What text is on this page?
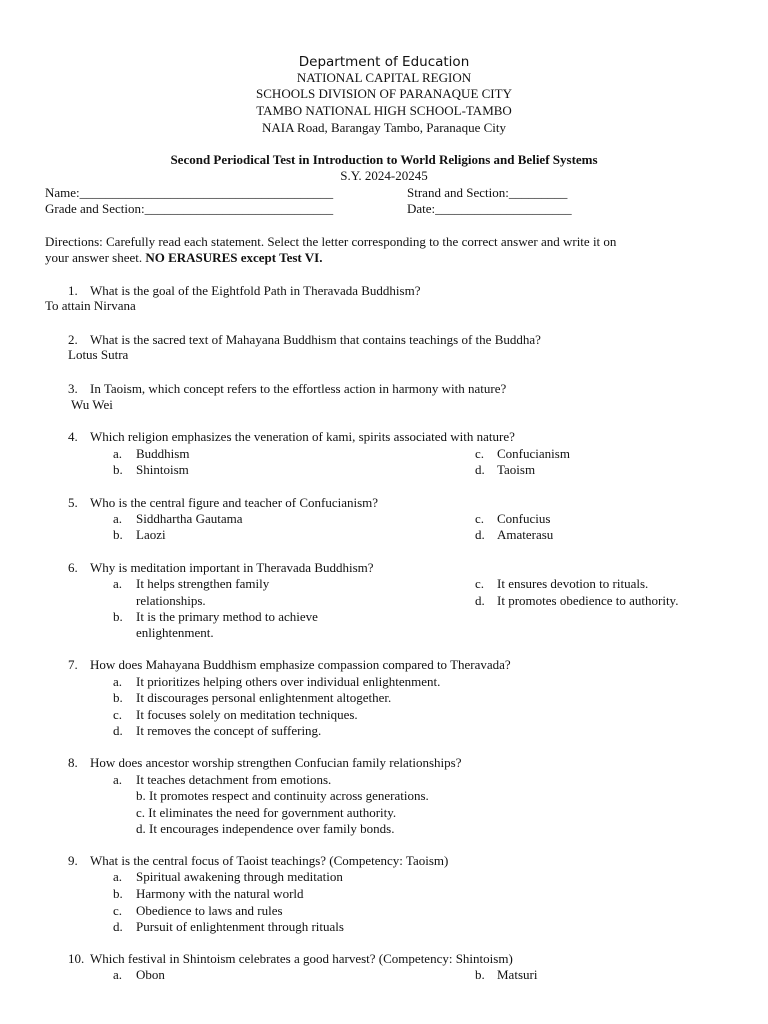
Department of Education
NATIONAL CAPITAL REGION
SCHOOLS DIVISION OF PARANAQUE CITY
TAMBO NATIONAL HIGH SCHOOL-TAMBO
NAIA Road, Barangay Tambo, Paranaque City
Second Periodical Test in Introduction to World Religions and Belief Systems
S.Y. 2024-20245
Name:_______________________________________	Strand and Section:_________
Grade and Section:_____________________________	Date:_____________________
Directions: Carefully read each statement. Select the letter corresponding to the correct answer and write it on
your answer sheet. NO ERASURES except Test VI.
1. What is the goal of the Eightfold Path in Theravada Buddhism?
To attain Nirvana
2. What is the sacred text of Mahayana Buddhism that contains teachings of the Buddha?
Lotus Sutra
3. In Taoism, which concept refers to the effortless action in harmony with nature?
Wu Wei
4. Which religion emphasizes the veneration of kami, spirits associated with nature?
a. Buddhism
b. Shintoism
c. Confucianism
d. Taoism
5. Who is the central figure and teacher of Confucianism?
a. Siddhartha Gautama
b. Laozi
c. Confucius
d. Amaterasu
6. Why is meditation important in Theravada Buddhism?
a. It helps strengthen family
relationships.
b. It is the primary method to achieve
enlightenment.
c. It ensures devotion to rituals.
d. It promotes obedience to authority.
7. How does Mahayana Buddhism emphasize compassion compared to Theravada?
a. It prioritizes helping others over individual enlightenment.
b. It discourages personal enlightenment altogether.
c. It focuses solely on meditation techniques.
d. It removes the concept of suffering.
8. How does ancestor worship strengthen Confucian family relationships?
a. It teaches detachment from emotions.
b. It promotes respect and continuity across generations.
c. It eliminates the need for government authority.
d. It encourages independence over family bonds.
9. What is the central focus of Taoist teachings? (Competency: Taoism)
a. Spiritual awakening through meditation
b. Harmony with the natural world
c. Obedience to laws and rules
d. Pursuit of enlightenment through rituals
10. Which festival in Shintoism celebrates a good harvest? (Competency: Shintoism)
a. Obon	b. Matsuri
